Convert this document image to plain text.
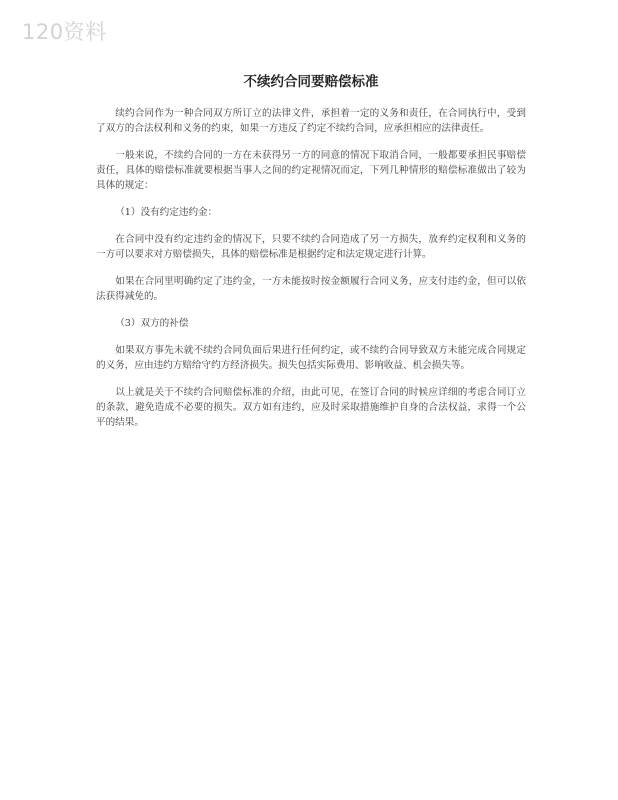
120资料
不续约合同要赔偿标准

续约合同作为一种合同双方所订立的法律文件，承担着一定的义务和责任，在合同执行中，受到了双方的合法权利和义务的约束，如果一方违反了约定不续约合同，应承担相应的法律责任。

一般来说，不续约合同的一方在未获得另一方的同意的情况下取消合同，一般都要承担民事赔偿责任，具体的赔偿标准就要根据当事人之间的约定视情况而定，下列几种情形的赔偿标准做出了较为具体的规定：

（1）没有约定违约金：

在合同中没有约定违约金的情况下，只要不续约合同造成了另一方损失，放弃约定权利和义务的一方可以要求对方赔偿损失，具体的赔偿标准是根据约定和法定规定进行计算。

如果在合同里明确约定了违约金，一方未能按时按金额履行合同义务，应支付违约金，但可以依法获得减免的。

（3）双方的补偿

如果双方事先未就不续约合同负面后果进行任何约定，或不续约合同导致双方未能完成合同规定的义务，应由违约方赔给守约方经济损失。损失包括实际费用、影响收益、机会损失等。

以上就是关于不续约合同赔偿标准的介绍，由此可见，在签订合同的时候应详细的考虑合同订立的条款，避免造成不必要的损失。双方如有违约，应及时采取措施维护自身的合法权益，求得一个公平的结果。
